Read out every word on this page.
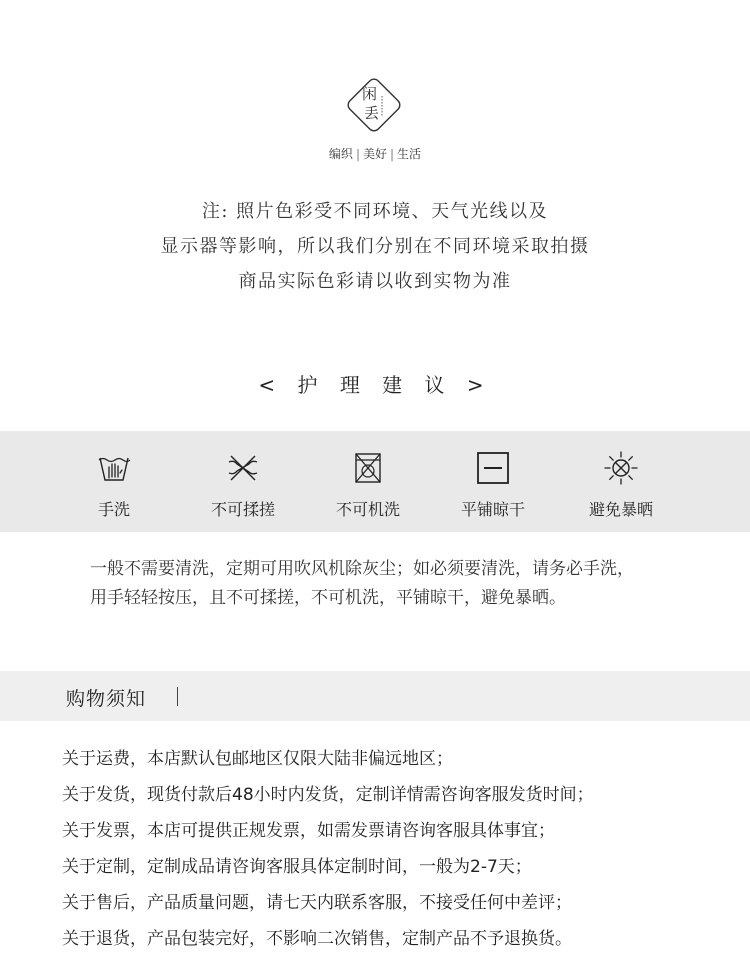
闲
丢
编织 | 美好 | 生活
注: 照片色彩受不同环境、天气光线以及
显示器等影响，所以我们分别在不同环境采取拍摄
商品实际色彩请以收到实物为准
< 护 理 建 议 >
手洗	不可揉搓	不可机洗	平铺晾干	避免暴晒
一般不需要清洗，定期可用吹风机除灰尘；如必须要清洗，请务必手洗，
用手轻轻按压，且不可揉搓，不可机洗，平铺晾干，避免暴晒。
购物须知
关于运费，本店默认包邮地区仅限大陆非偏远地区；
关于发货，现货付款后48小时内发货，定制详情需咨询客服发货时间；
关于发票，本店可提供正规发票，如需发票请咨询客服具体事宜；
关于定制，定制成品请咨询客服具体定制时间，一般为2-7天；
关于售后，产品质量问题，请七天内联系客服，不接受任何中差评；
关于退货，产品包装完好，不影响二次销售，定制产品不予退换货。
